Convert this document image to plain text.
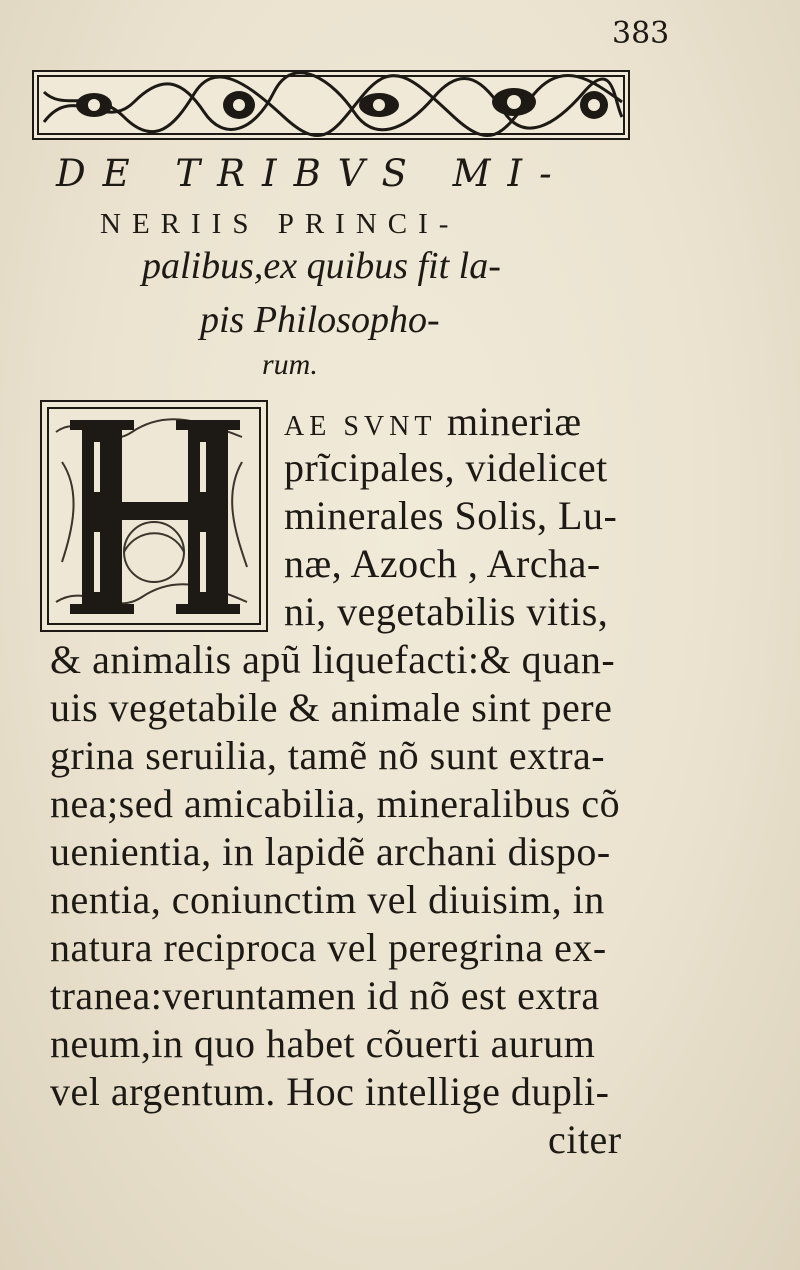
383
DE TRIBVS MI-
NERIIS PRINCI-
palibus,ex quibus fit la-
pis Philosopho-
rum.
AE SVNT mineriæ
prĩcipales, videlicet
minerales Solis, Lu-
næ, Azoch , Archa-
ni, vegetabilis vitis,
& animalis apũ liquefacti:& quan-
uis vegetabile & animale sint pere
grina seruilia, tamẽ nõ sunt extra-
nea;sed amicabilia, mineralibus cõ
uenientia, in lapidẽ archani dispo-
nentia, coniunctim vel diuisim, in
natura reciproca vel peregrina ex-
tranea:veruntamen id nõ est extra
neum,in quo habet cõuerti aurum
vel argentum. Hoc intellige dupli-
citer
